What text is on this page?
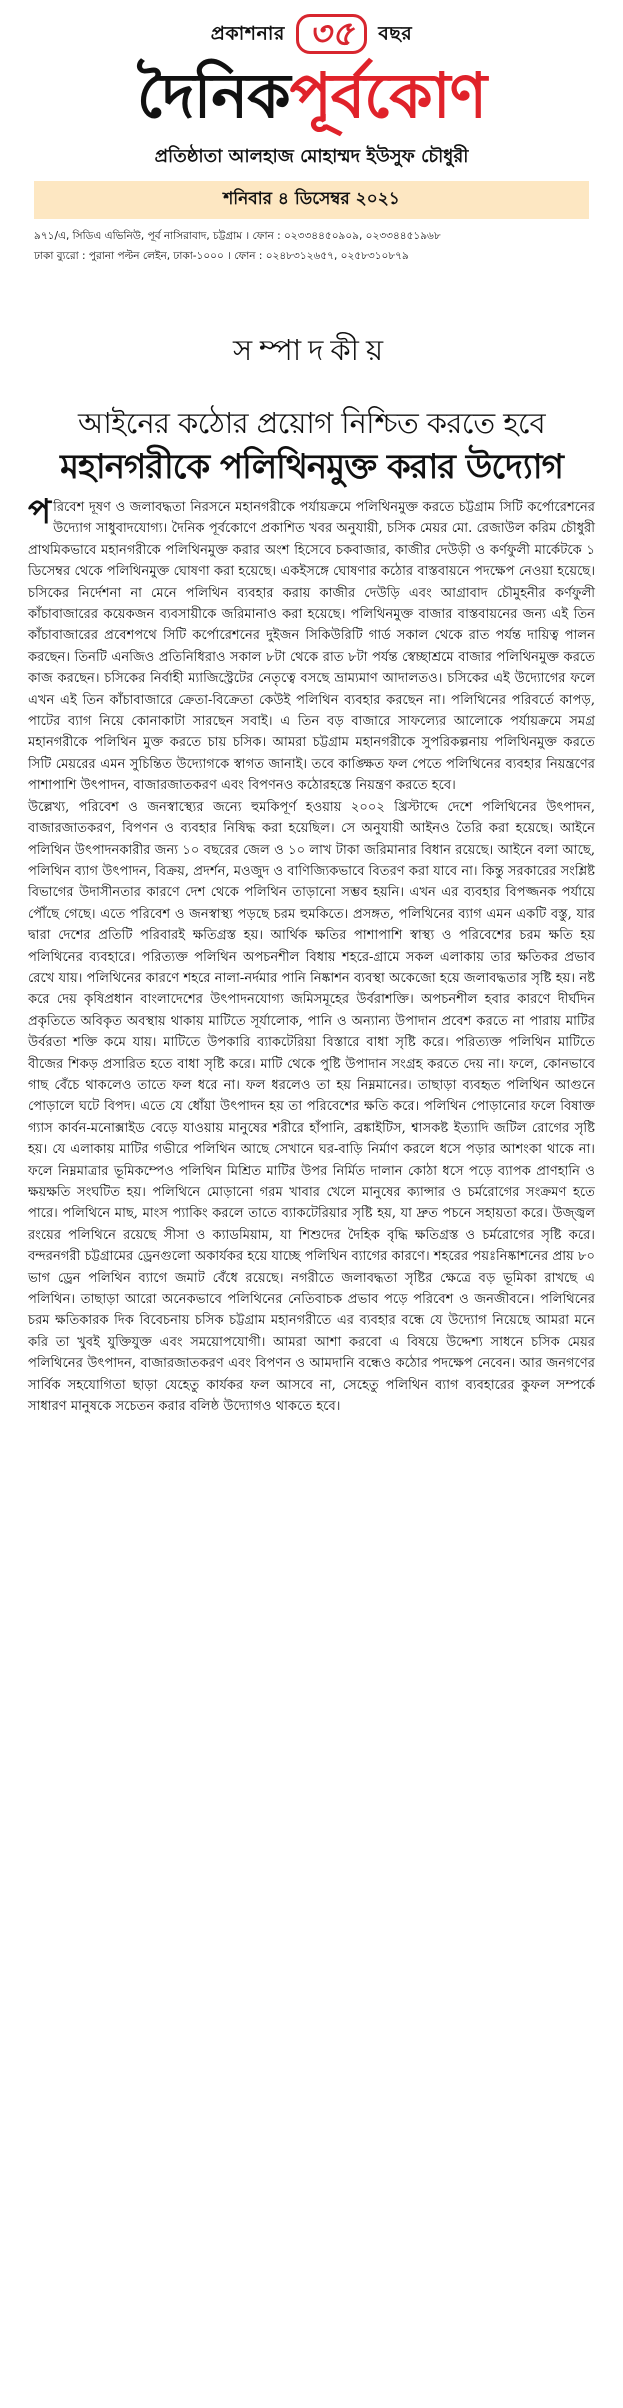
প্রকাশনার ৩৫ বছর
দৈনিকপূর্বকোণ
প্রতিষ্ঠাতা আলহাজ মোহাম্মদ ইউসুফ চৌধুরী
শনিবার ৪ ডিসেম্বর ২০২১
৯৭১/এ, সিডিএ এভিনিউ, পূর্ব নাসিরাবাদ, চট্টগ্রাম । ফোন : ০২৩৩৪৪৫০৯০৯, ০২৩৩৪৪৫১৯৬৮
ঢাকা ব্যুরো : পুরানা পল্টন লেইন, ঢাকা-১০০০ । ফোন : ০২৪৮৩১২৬৫৭, ০২৫৮৩১০৮৭৯
সম্পাদকীয়
আইনের কঠোর প্রয়োগ নিশ্চিত করতে হবে
মহানগরীকে পলিথিনমুক্ত করার উদ্যোগ

পরিবেশ দূষণ ও জলাবদ্ধতা নিরসনে মহানগরীকে পর্যায়ক্রমে পলিথিনমুক্ত করতে চট্টগ্রাম সিটি কর্পোরেশনের উদ্যোগ সাধুবাদযোগ্য। দৈনিক পূর্বকোণে প্রকাশিত খবর অনুযায়ী, চসিক মেয়র মো. রেজাউল করিম চৌধুরী প্রাথমিকভাবে মহানগরীকে পলিথিনমুক্ত করার অংশ হিসেবে চকবাজার, কাজীর দেউড়ী ও কর্ণফুলী মার্কেটকে ১ ডিসেম্বর থেকে পলিথিনমুক্ত ঘোষণা করা হয়েছে। একইসঙ্গে ঘোষণার কঠোর বাস্তবায়নে পদক্ষেপ নেওয়া হয়েছে। চসিকের নির্দেশনা না মেনে পলিথিন ব্যবহার করায় কাজীর দেউড়ি এবং আগ্রাবাদ চৌমুহনীর কর্ণফুলী কাঁচাবাজারের কয়েকজন ব্যবসায়ীকে জরিমানাও করা হয়েছে। পলিথিনমুক্ত বাজার বাস্তবায়নের জন্য এই তিন কাঁচাবাজারের প্রবেশপথে সিটি কর্পোরেশনের দুইজন সিকিউরিটি গার্ড সকাল থেকে রাত পর্যন্ত দায়িত্ব পালন করছেন। তিনটি এনজিও প্রতিনিধিরাও সকাল ৮টা থেকে রাত ৮টা পর্যন্ত স্বেচ্ছাশ্রমে বাজার পলিথিনমুক্ত করতে কাজ করছেন। চসিকের নির্বাহী ম্যাজিস্ট্রেটের নেতৃত্বে বসছে ভ্রাম্যমাণ আদালতও। চসিকের এই উদ্যোগের ফলে এখন এই তিন কাঁচাবাজারে ক্রেতা-বিক্রেতা কেউই পলিথিন ব্যবহার করছেন না। পলিথিনের পরিবর্তে কাপড়, পাটের ব্যাগ নিয়ে কোনাকাটা সারছেন সবাই। এ তিন বড় বাজারে সাফল্যের আলোকে পর্যায়ক্রমে সমগ্র মহানগরীকে পলিথিন মুক্ত করতে চায় চসিক। আমরা চট্টগ্রাম মহানগরীকে সুপরিকল্পনায় পলিথিনমুক্ত করতে সিটি মেয়রের এমন সুচিন্তিত উদ্যোগকে স্বাগত জানাই। তবে কাঙ্ক্ষিত ফল পেতে পলিথিনের ব্যবহার নিয়ন্ত্রণের পাশাপাশি উৎপাদন, বাজারজাতকরণ এবং বিপণনও কঠোরহস্তে নিয়ন্ত্রণ করতে হবে।

উল্লেখ্য, পরিবেশ ও জনস্বাস্থ্যের জন্যে হুমকিপূর্ণ হওয়ায় ২০০২ খ্রিস্টাব্দে দেশে পলিথিনের উৎপাদন, বাজারজাতকরণ, বিপণন ও ব্যবহার নিষিদ্ধ করা হয়েছিল। সে অনুযায়ী আইনও তৈরি করা হয়েছে। আইনে পলিথিন উৎপাদনকারীর জন্য ১০ বছরের জেল ও ১০ লাখ টাকা জরিমানার বিধান রয়েছে। আইনে বলা আছে, পলিথিন ব্যাগ উৎপাদন, বিক্রয়, প্রদর্শন, মওজুদ ও বাণিজ্যিকভাবে বিতরণ করা যাবে না। কিন্তু সরকারের সংশ্লিষ্ট বিভাগের উদাসীনতার কারণে দেশ থেকে পলিথিন তাড়ানো সম্ভব হয়নি। এখন এর ব্যবহার বিপজ্জনক পর্যায়ে পৌঁছে গেছে। এতে পরিবেশ ও জনস্বাস্থ্য পড়ছে চরম হুমকিতে। প্রসঙ্গত, পলিথিনের ব্যাগ এমন একটি বস্তু, যার দ্বারা দেশের প্রতিটি পরিবারই ক্ষতিগ্রস্ত হয়। আর্থিক ক্ষতির পাশাপাশি স্বাস্থ্য ও পরিবেশের চরম ক্ষতি হয় পলিথিনের ব্যবহারে। পরিত্যক্ত পলিথিন অপচনশীল বিধায় শহরে-গ্রামে সকল এলাকায় তার ক্ষতিকর প্রভাব রেখে যায়। পলিথিনের কারণে শহরে নালা-নর্দমার পানি নিষ্কাশন ব্যবস্থা অকেজো হয়ে জলাবদ্ধতার সৃষ্টি হয়। নষ্ট করে দেয় কৃষিপ্রধান বাংলাদেশের উৎপাদনযোগ্য জমিসমূহের উর্বরাশক্তি। অপচনশীল হবার কারণে দীর্ঘদিন প্রকৃতিতে অবিকৃত অবস্থায় থাকায় মাটিতে সূর্যালোক, পানি ও অন্যান্য উপাদান প্রবেশ করতে না পারায় মাটির উর্বরতা শক্তি কমে যায়। মাটিতে উপকারি ব্যাকটেরিয়া বিস্তারে বাধা সৃষ্টি করে। পরিত্যক্ত পলিথিন মাটিতে বীজের শিকড় প্রসারিত হতে বাধা সৃষ্টি করে। মাটি থেকে পুষ্টি উপাদান সংগ্রহ করতে দেয় না। ফলে, কোনভাবে গাছ বেঁচে থাকলেও তাতে ফল ধরে না। ফল ধরলেও তা হয় নিম্নমানের। তাছাড়া ব্যবহৃত পলিথিন আগুনে পোড়ালে ঘটে বিপদ। এতে যে ধোঁয়া উৎপাদন হয় তা পরিবেশের ক্ষতি করে। পলিথিন পোড়ানোর ফলে বিষাক্ত গ্যাস কার্বন-মনোক্সাইড বেড়ে যাওয়ায় মানুষের শরীরে হাঁপানি, ব্রঙ্কাইটিস, শ্বাসকষ্ট ইত্যাদি জটিল রোগের সৃষ্টি হয়। যে এলাকায় মাটির গভীরে পলিথিন আছে সেখানে ঘর-বাড়ি নির্মাণ করলে ধসে পড়ার আশংকা থাকে না। ফলে নিম্নমাত্রার ভূমিকম্পেও পলিথিন মিশ্রিত মাটির উপর নির্মিত দালান কোঠা ধসে পড়ে ব্যাপক প্রাণহানি ও ক্ষয়ক্ষতি সংঘটিত হয়। পলিথিনে মোড়ানো গরম খাবার খেলে মানুষের ক্যান্সার ও চর্মরোগের সংক্রমণ হতে পারে। পলিথিনে মাছ, মাংস প্যাকিং করলে তাতে ব্যাকটেরিয়ার সৃষ্টি হয়, যা দ্রুত পচনে সহায়তা করে। উজ্জ্বল রংয়ের পলিথিনে রয়েছে সীসা ও ক্যাডমিয়াম, যা শিশুদের দৈহিক বৃদ্ধি ক্ষতিগ্রস্ত ও চর্মরোগের সৃষ্টি করে। বন্দরনগরী চট্টগ্রামের ড্রেনগুলো অকার্যকর হয়ে যাচ্ছে পলিথিন ব্যাগের কারণে। শহরের পয়ঃনিষ্কাশনের প্রায় ৮০ ভাগ ড্রেন পলিথিন ব্যাগে জমাট বেঁধে রয়েছে। নগরীতে জলাবদ্ধতা সৃষ্টির ক্ষেত্রে বড় ভূমিকা রাখছে এ পলিথিন। তাছাড়া আরো অনেকভাবে পলিথিনের নেতিবাচক প্রভাব পড়ে পরিবেশ ও জনজীবনে। পলিথিনের চরম ক্ষতিকারক দিক বিবেচনায় চসিক চট্টগ্রাম মহানগরীতে এর ব্যবহার বন্ধে যে উদ্যোগ নিয়েছে আমরা মনে করি তা খুবই যুক্তিযুক্ত এবং সময়োপযোগী। আমরা আশা করবো এ বিষয়ে উদ্দেশ্য সাধনে চসিক মেয়র পলিথিনের উৎপাদন, বাজারজাতকরণ এবং বিপণন ও আমদানি বন্ধেও কঠোর পদক্ষেপ নেবেন। আর জনগণের সার্বিক সহযোগিতা ছাড়া যেহেতু কার্যকর ফল আসবে না, সেহেতু পলিথিন ব্যাগ ব্যবহারের কুফল সম্পর্কে সাধারণ মানুষকে সচেতন করার বলিষ্ঠ উদ্যোগও থাকতে হবে।
